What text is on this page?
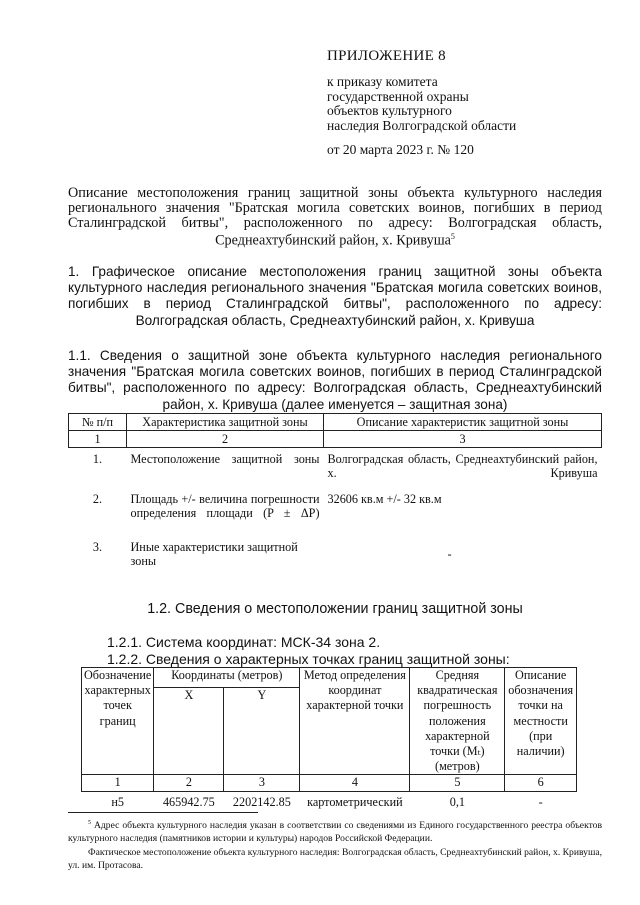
ПРИЛОЖЕНИЕ 8
к приказу комитета
государственной охраны
объектов культурного
наследия Волгоградской области
от 20 марта 2023 г. № 120
Описание местоположения границ защитной зоны объекта культурного наследия регионального значения "Братская могила советских воинов, погибших в период Сталинградской битвы", расположенного по адресу: Волгоградская область, Среднеахтубинский район, х. Кривуша$^5$
1. Графическое описание местоположения границ защитной зоны объекта культурного наследия регионального значения "Братская могила советских воинов, погибших в период Сталинградской битвы", расположенного по адресу: Волгоградская область, Среднеахтубинский район, х. Кривуша
1.1. Сведения о защитной зоне объекта культурного наследия регионального значения "Братская могила советских воинов, погибших в период Сталинградской битвы", расположенного по адресу: Волгоградская область, Среднеахтубинский район, х. Кривуша (далее именуется – защитная зона)
№ п/п	Характеристика защитной зоны	Описание характеристик защитной зоны
1	2	3
1.	Местоположение защитной зоны	Волгоградская область, Среднеахтубинский район, х. Кривуша
2.	Площадь +/- величина погрешности определения площади (P ± ΔP)	32606 кв.м +/- 32 кв.м
3.	Иные характеристики защитной зоны	-
1.2. Сведения о местоположении границ защитной зоны
1.2.1. Система координат: МСК-34 зона 2.
1.2.2. Сведения о характерных точках границ защитной зоны:
Обозначение характерных точек границ	Координаты (метров)		Метод определения координат характерной точки	Средняя квадратическая погрешность положения характерной точки (Mₜ) (метров)	Описание обозначения точки на местности (при наличии)
	X	Y			
1	2	3	4	5	6
н5	465942.75	2202142.85	картометрический	0,1	-

$^5$ Адрес объекта культурного наследия указан в соответствии со сведениями из Единого государственного реестра объектов культурного наследия (памятников истории и культуры) народов Российской Федерации.

Фактическое местоположение объекта культурного наследия: Волгоградская область, Среднеахтубинский район, х. Кривуша, ул. им. Протасова.
